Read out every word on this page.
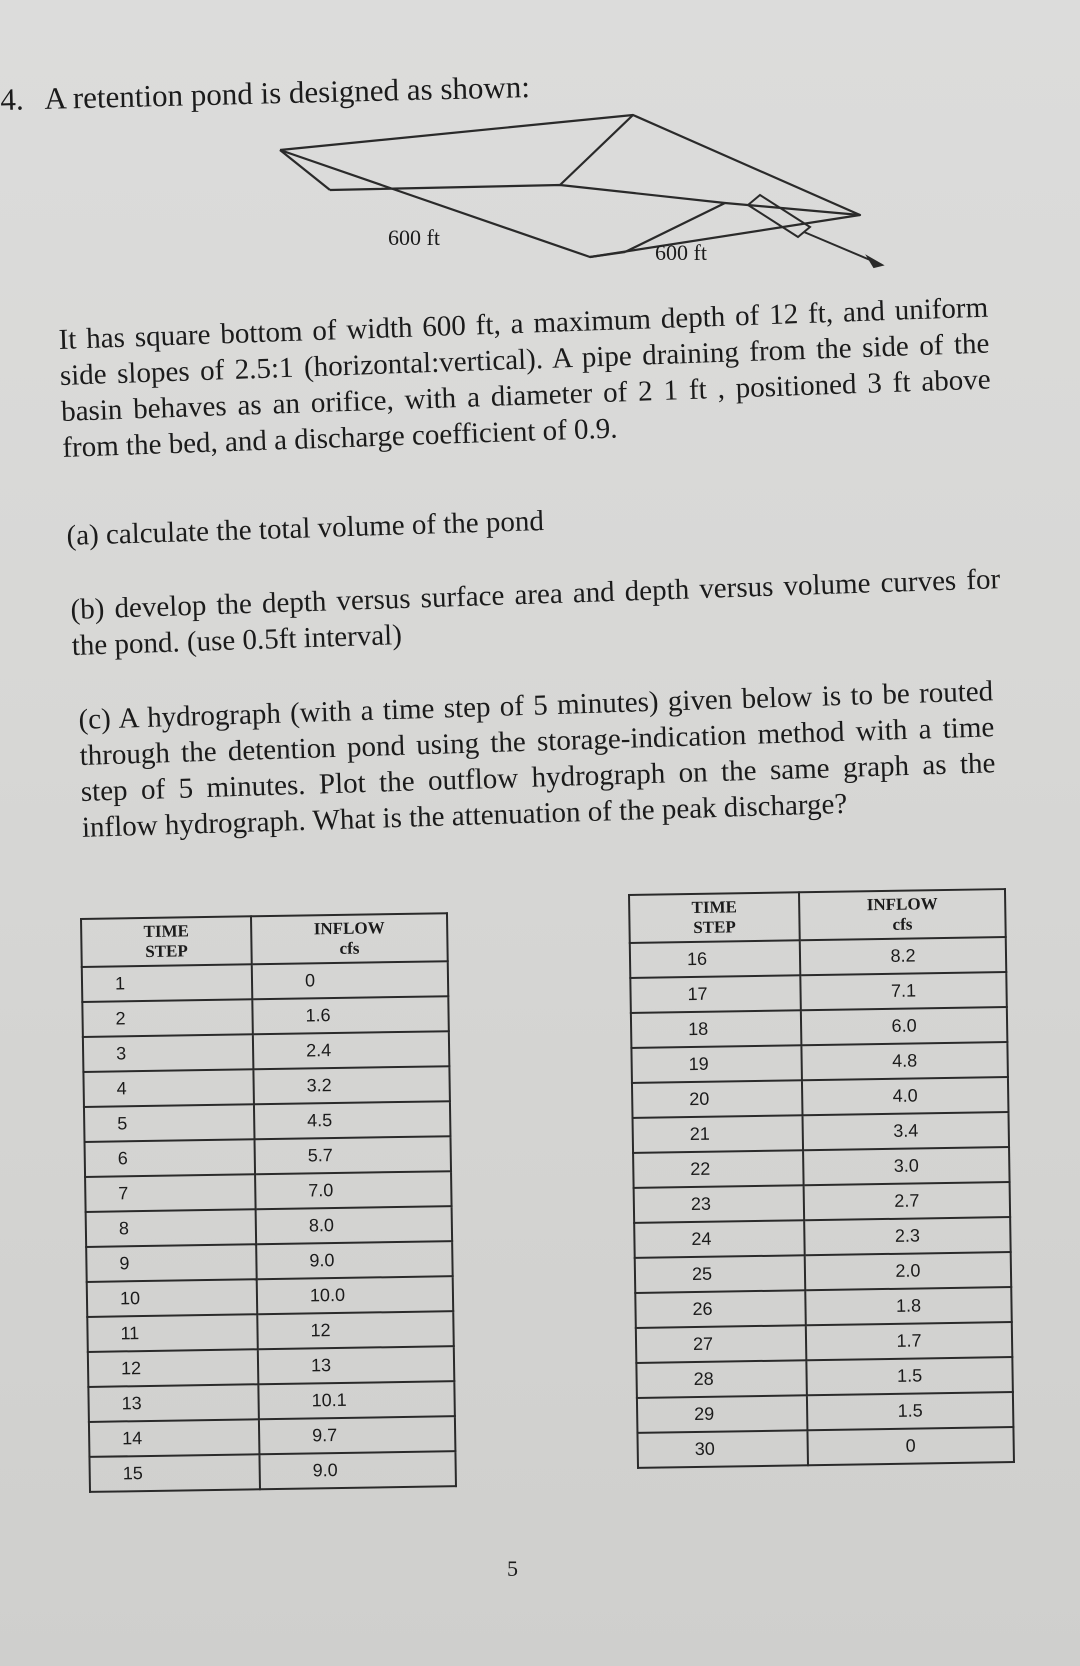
4. A retention pond is designed as shown:
600 ft
600 ft
It has square bottom of width 600 ft, a maximum depth of 12 ft, and uniform side slopes of 2.5:1 (horizontal:vertical). A pipe draining from the side of the basin behaves as an orifice, with a diameter of 2 1 ft , positioned 3 ft above from the bed, and a discharge coefficient of 0.9.
(a) calculate the total volume of the pond
(b) develop the depth versus surface area and depth versus volume curves for the pond. (use 0.5ft interval)
(c) A hydrograph (with a time step of 5 minutes) given below is to be routed through the detention pond using the storage-indication method with a time step of 5 minutes. Plot the outflow hydrograph on the same graph as the inflow hydrograph. What is the attenuation of the peak discharge?
TIME
STEP	INFLOW
cfs
1	0
2	1.6
3	2.4
4	3.2
5	4.5
6	5.7
7	7.0
8	8.0
9	9.0
10	10.0
11	12
12	13
13	10.1
14	9.7
15	9.0
TIME
STEP	INFLOW
cfs
16	8.2
17	7.1
18	6.0
19	4.8
20	4.0
21	3.4
22	3.0
23	2.7
24	2.3
25	2.0
26	1.8
27	1.7
28	1.5
29	1.5
30	0
5
